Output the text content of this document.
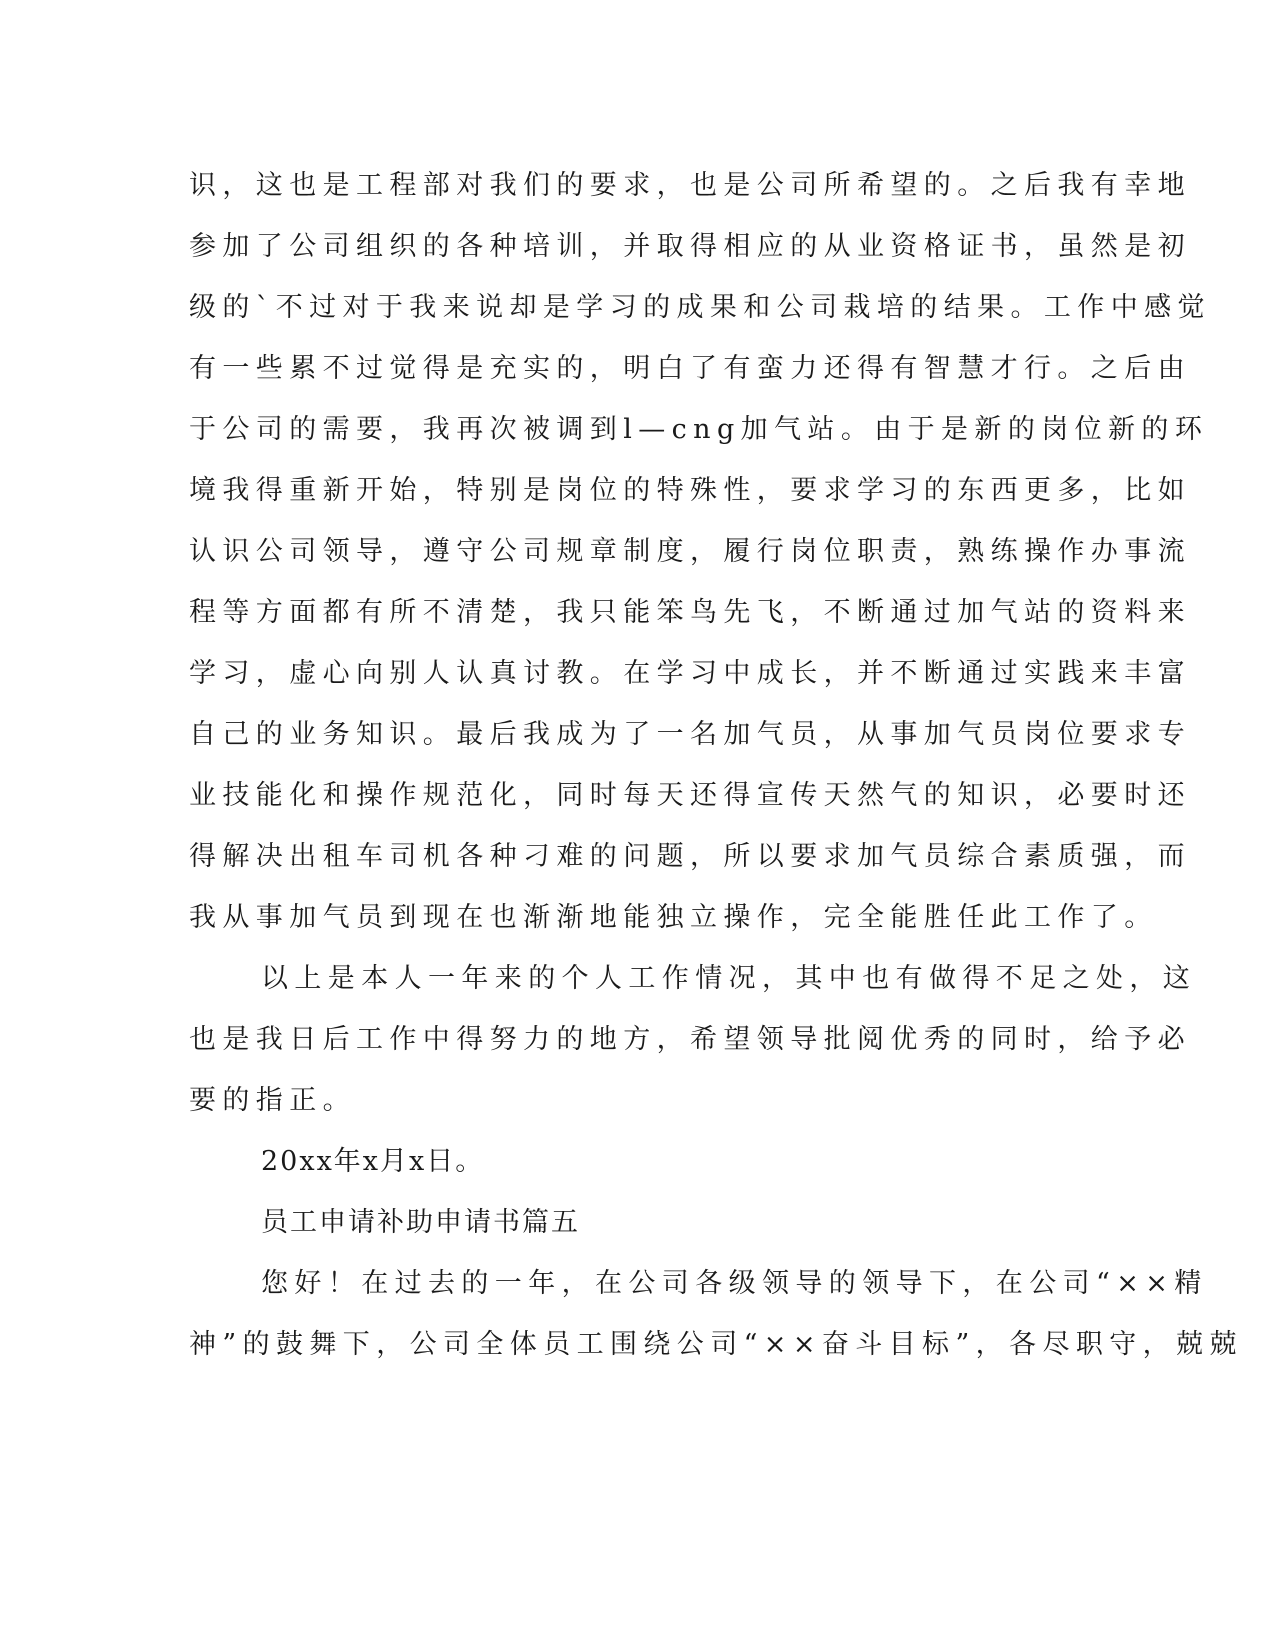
识，这也是工程部对我们的要求，也是公司所希望的。之后我有幸地
参加了公司组织的各种培训，并取得相应的从业资格证书，虽然是初
级的`不过对于我来说却是学习的成果和公司栽培的结果。工作中感觉
有一些累不过觉得是充实的，明白了有蛮力还得有智慧才行。之后由
于公司的需要，我再次被调到l—cng加气站。由于是新的岗位新的环
境我得重新开始，特别是岗位的特殊性，要求学习的东西更多，比如
认识公司领导，遵守公司规章制度，履行岗位职责，熟练操作办事流
程等方面都有所不清楚，我只能笨鸟先飞，不断通过加气站的资料来
学习，虚心向别人认真讨教。在学习中成长，并不断通过实践来丰富
自己的业务知识。最后我成为了一名加气员，从事加气员岗位要求专
业技能化和操作规范化，同时每天还得宣传天然气的知识，必要时还
得解决出租车司机各种刁难的问题，所以要求加气员综合素质强，而
我从事加气员到现在也渐渐地能独立操作，完全能胜任此工作了。
以上是本人一年来的个人工作情况，其中也有做得不足之处，这
也是我日后工作中得努力的地方，希望领导批阅优秀的同时，给予必
要的指正。
20xx年x月x日。
员工申请补助申请书篇五
您好！在过去的一年，在公司各级领导的领导下，在公司“××精
神”的鼓舞下，公司全体员工围绕公司“××奋斗目标”，各尽职守，兢兢
